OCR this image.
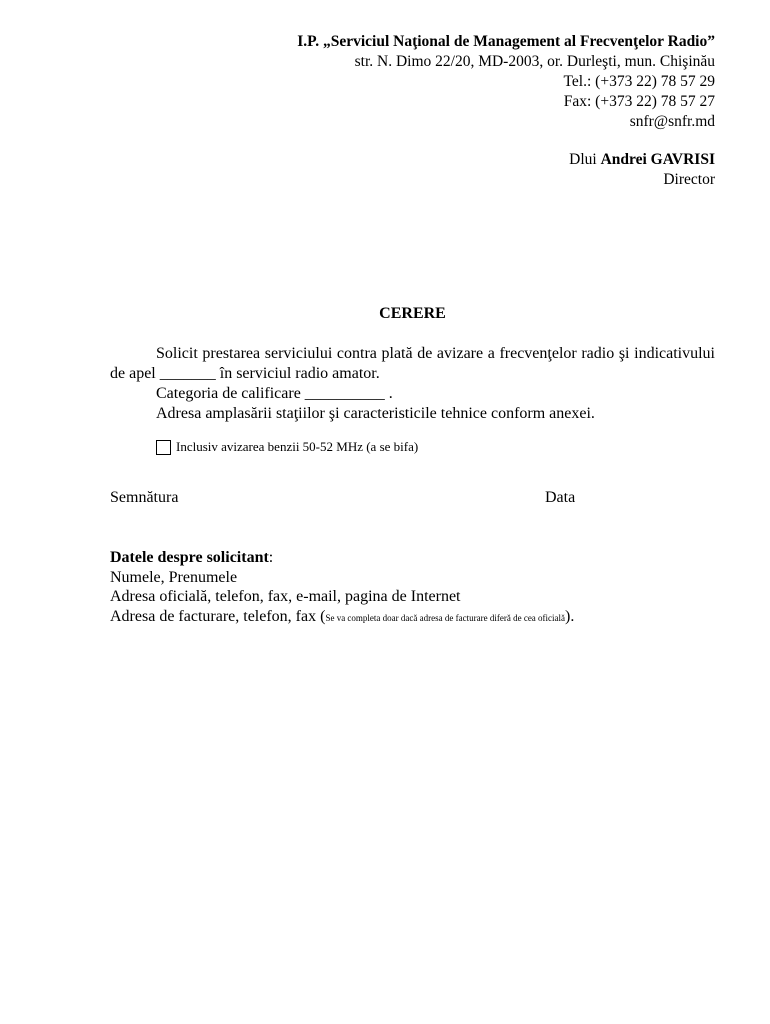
I.P. „Serviciul Naţional de Management al Frecvenţelor Radio”
str. N. Dimo 22/20, MD-2003, or. Durleşti, mun. Chişinău
Tel.: (+373 22) 78 57 29
Fax: (+373 22) 78 57 27
snfr@snfr.md
Dlui Andrei GAVRISI
Director
CERERE
Solicit prestarea serviciului contra plată de avizare a frecvenţelor radio şi indicativului de apel _______ în serviciul radio amator.
Categoria de calificare __________ .
Adresa amplasării staţiilor şi caracteristicile tehnice conform anexei.
Inclusiv avizarea benzii 50-52 MHz (a se bifa)
Semnătura	Data
Datele despre solicitant:
Numele, Prenumele
Adresa oficială, telefon, fax, e-mail, pagina de Internet
Adresa de facturare, telefon, fax (Se va completa doar dacă adresa de facturare diferă de cea oficială).
